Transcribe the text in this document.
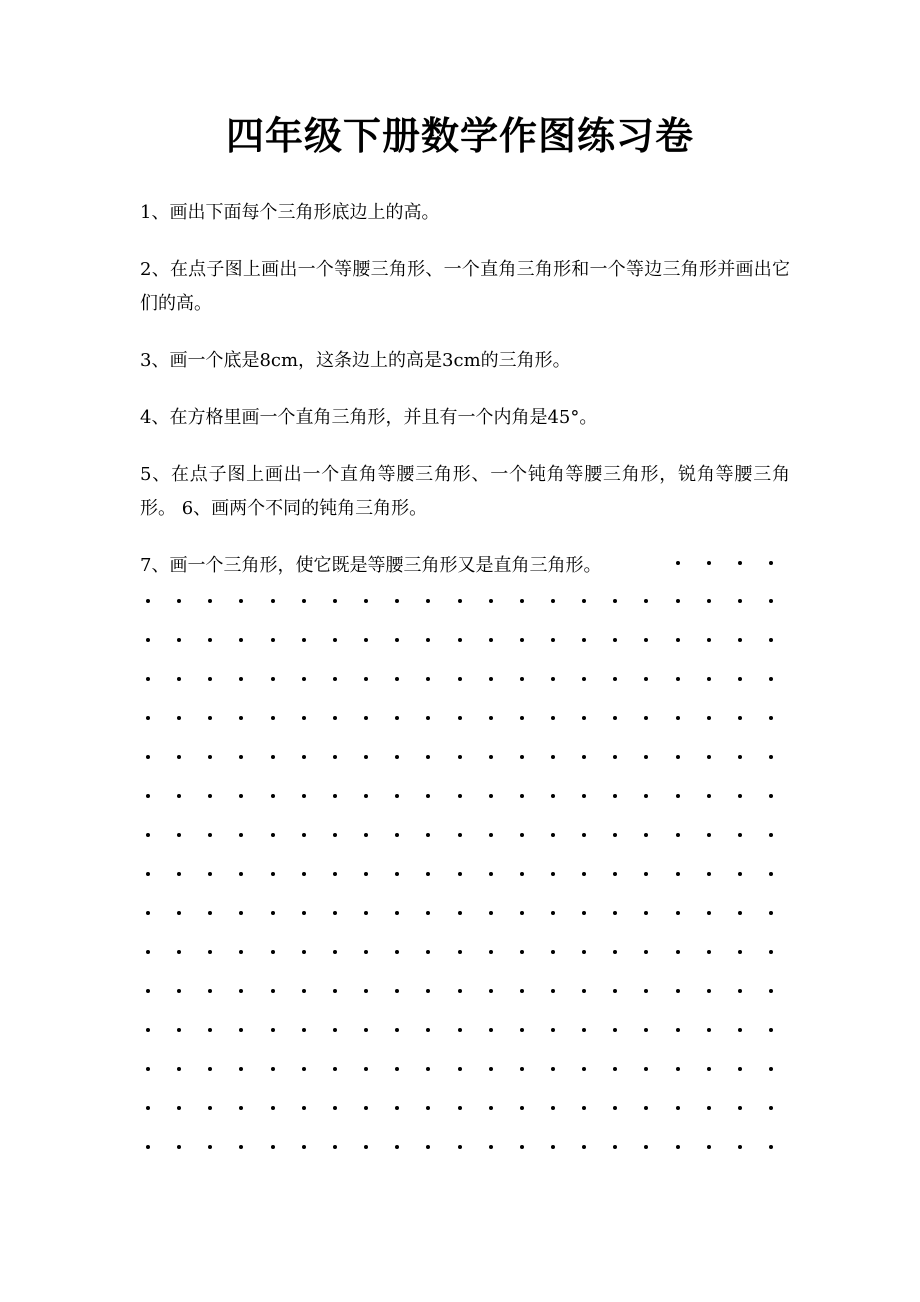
四年级下册数学作图练习卷

1、画出下面每个三角形底边上的高。

2、在点子图上画出一个等腰三角形、一个直角三角形和一个等边三角形并画出它们的高。

3、画一个底是8cm，这条边上的高是3cm的三角形。

4、在方格里画一个直角三角形，并且有一个内角是45°。

5、在点子图上画出一个直角等腰三角形、一个钝角等腰三角形，锐角等腰三角形。 6、画两个不同的钝角三角形。

7、画一个三角形，使它既是等腰三角形又是直角三角形。
